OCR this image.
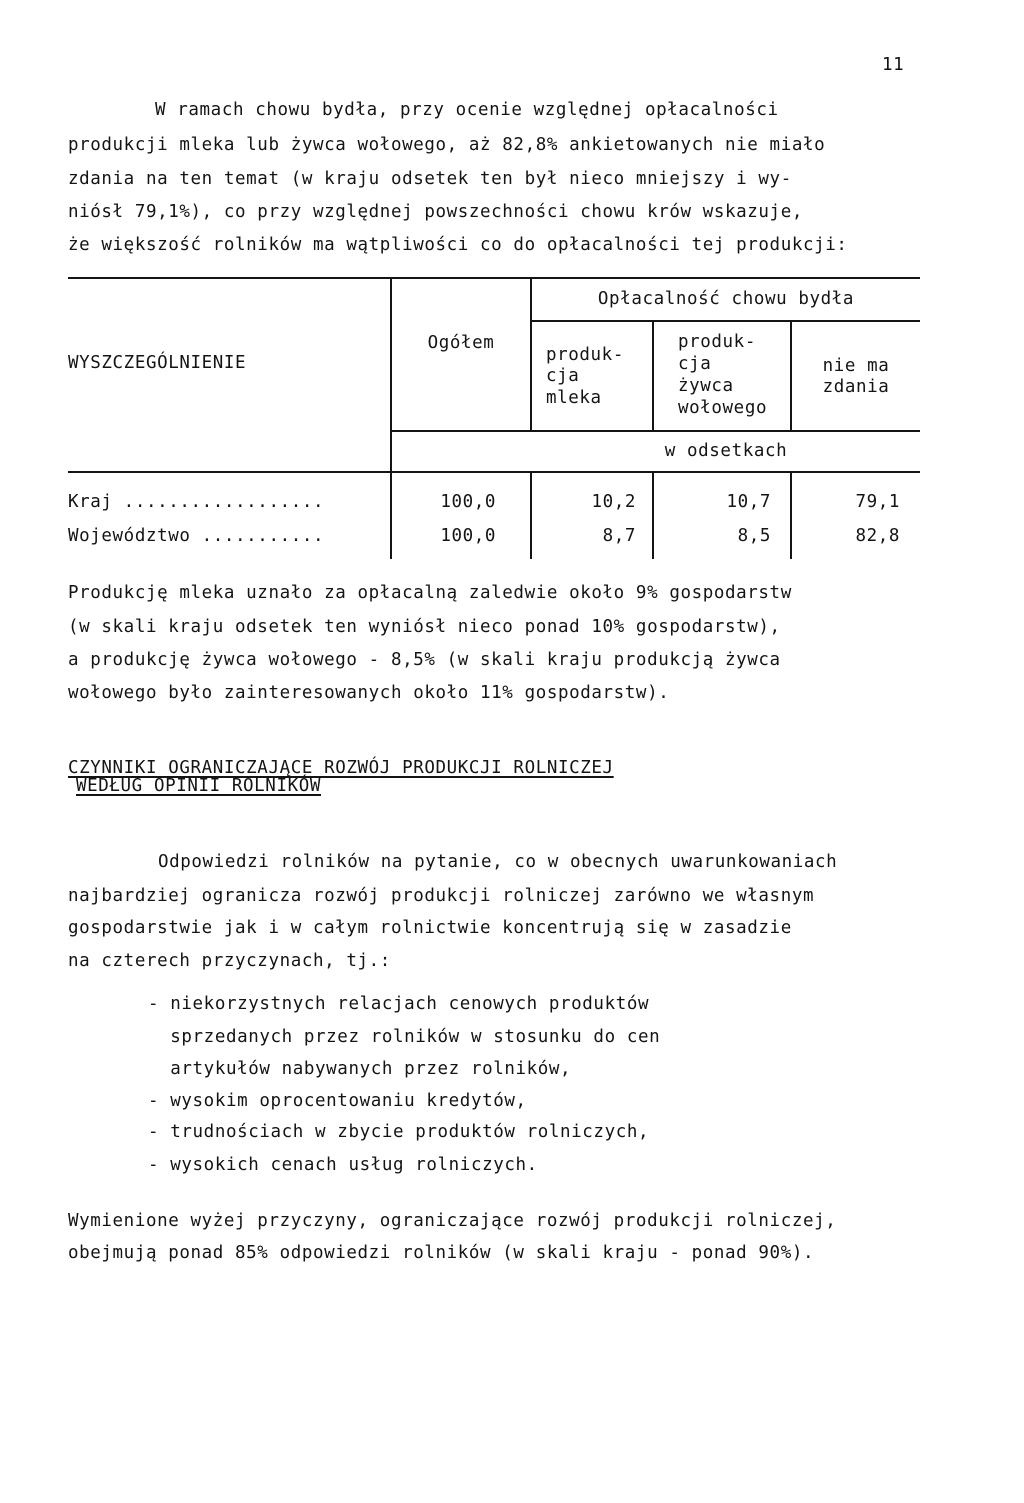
11
W ramach chowu bydła, przy ocenie względnej opłacalności
produkcji mleka lub żywca wołowego, aż 82,8% ankietowanych nie miało
zdania na ten temat (w kraju odsetek ten był nieco mniejszy i wy-
niósł 79,1%), co przy względnej powszechności chowu krów wskazuje,
że większość rolników ma wątpliwości co do opłacalności tej produkcji:
WYSZCZEGÓLNIENIE
Ogółem
Opłacalność chowu bydła
produk-
cja
mleka
produk-
cja
żywca
wołowego
nie ma
zdania
w odsetkach
Kraj ..................	100,0	10,2	10,7	79,1
Województwo ...........	100,0	8,7	8,5	82,8
Produkcję mleka uznało za opłacalną zaledwie około 9% gospodarstw
(w skali kraju odsetek ten wyniósł nieco ponad 10% gospodarstw),
a produkcję żywca wołowego - 8,5% (w skali kraju produkcją żywca
wołowego było zainteresowanych około 11% gospodarstw).
CZYNNIKI OGRANICZAJĄCE ROZWÓJ PRODUKCJI ROLNICZEJ
WEDŁUG OPINII ROLNIKÓW
Odpowiedzi rolników na pytanie, co w obecnych uwarunkowaniach
najbardziej ogranicza rozwój produkcji rolniczej zarówno we własnym
gospodarstwie jak i w całym rolnictwie koncentrują się w zasadzie
na czterech przyczynach, tj.:
- niekorzystnych relacjach cenowych produktów
sprzedanych przez rolników w stosunku do cen
artykułów nabywanych przez rolników,
- wysokim oprocentowaniu kredytów,
- trudnościach w zbycie produktów rolniczych,
- wysokich cenach usług rolniczych.
Wymienione wyżej przyczyny, ograniczające rozwój produkcji rolniczej,
obejmują ponad 85% odpowiedzi rolników (w skali kraju - ponad 90%).
